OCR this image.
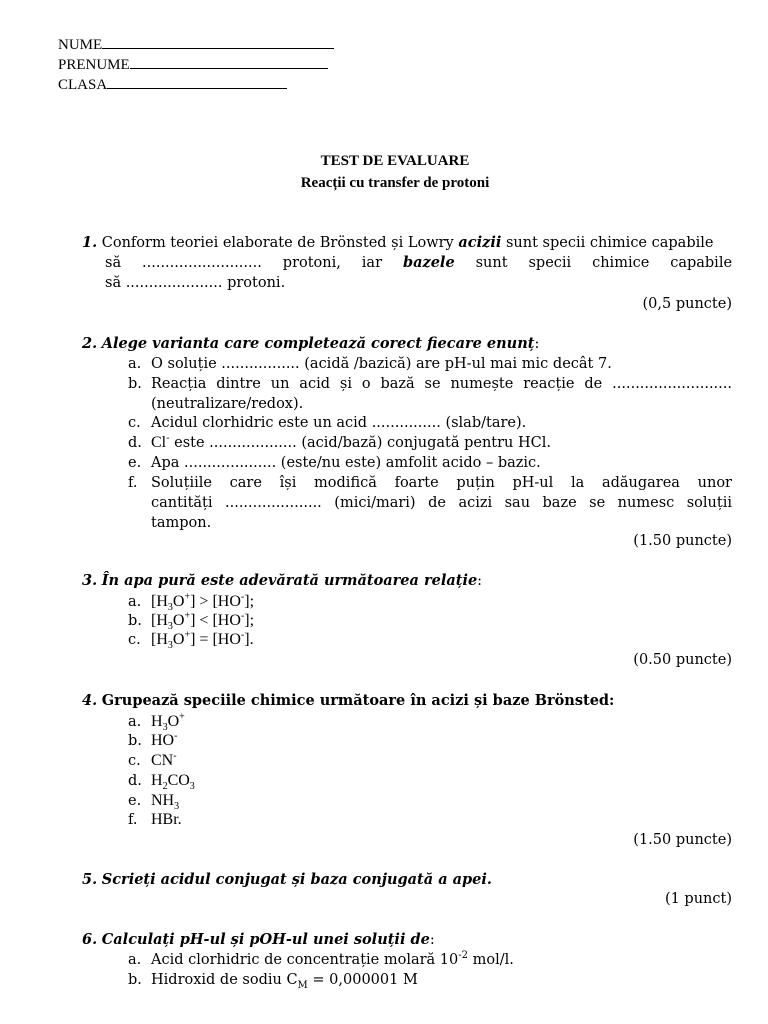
NUME
PRENUME
CLASA
TEST DE EVALUARE
Reacții cu transfer de protoni
1. Conform teoriei elaborate de Brönsted și Lowry acizii sunt specii chimice capabile
să .......................... protoni, iar bazele sunt specii chimice capabile
să ..................... protoni.
(0,5 puncte)
2. Alege varianta care completează corect fiecare enunț:
a. O soluție ................. (acidă /bazică) are pH-ul mai mic decât 7.
b. Reacția dintre un acid și o bază se numește reacție de ..........................
(neutralizare/redox).
c. Acidul clorhidric este un acid ............... (slab/tare).
d. Cl- este ................... (acid/bază) conjugată pentru HCl.
e. Apa .................... (este/nu este) amfolit acido – bazic.
f. Soluțiile care își modifică foarte puțin pH-ul la adăugarea unor
cantități ..................... (mici/mari) de acizi sau baze se numesc soluții
tampon.
(1.50 puncte)
3. În apa pură este adevărată următoarea relație:
a. $[H_3O^+] > [HO^-]$;
b. $[H_3O^+] < [HO^-]$;
c. $[H_3O^+] = [HO^-]$.
(0.50 puncte)
4. Grupează speciile chimice următoare în acizi și baze Brönsted:
a. $H_3O^+$
b. HO-
c. CN-
d. $H_2CO_3$
e. $NH_3$
f. HBr.
(1.50 puncte)
5. Scrieți acidul conjugat și baza conjugată a apei.
(1 punct)
6. Calculați pH-ul și pOH-ul unei soluții de:
a. Acid clorhidric de concentrație molară $10^{-2}$ mol/l.
b. Hidroxid de sodiu $C_M = 0,000001$ M
